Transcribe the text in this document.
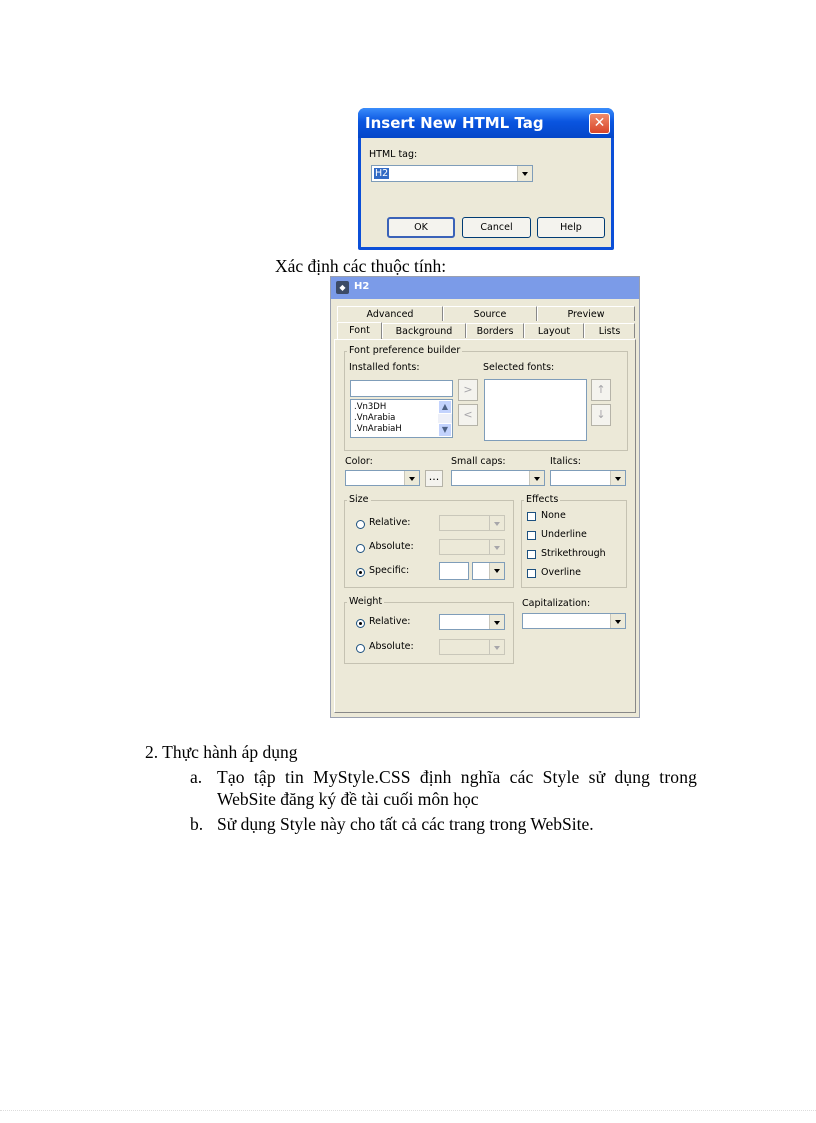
Insert New HTML Tag	✕
HTML tag:
H2
OK	Cancel	Help
Xác định các thuộc tính:
◆ H2
Advanced	Source	Preview
Font	Background	Borders	Layout	Lists
Font preference builder
Installed fonts:	Selected fonts:
.Vn3DH
.VnArabia
.VnArabiaH
▲
▼
>
<
↑
↓
Color:
...
Small caps:	Italics:
Size
Relative:
Absolute:
Specific:
Effects
None
Underline
Strikethrough
Overline
Weight
Relative:
Absolute:
Capitalization:
2. Thực hành áp dụng
a. Tạo tập tin MyStyle.CSS định nghĩa các Style sử dụng trong
WebSite đăng ký đề tài cuối môn học
b. Sử dụng Style này cho tất cả các trang trong WebSite.
